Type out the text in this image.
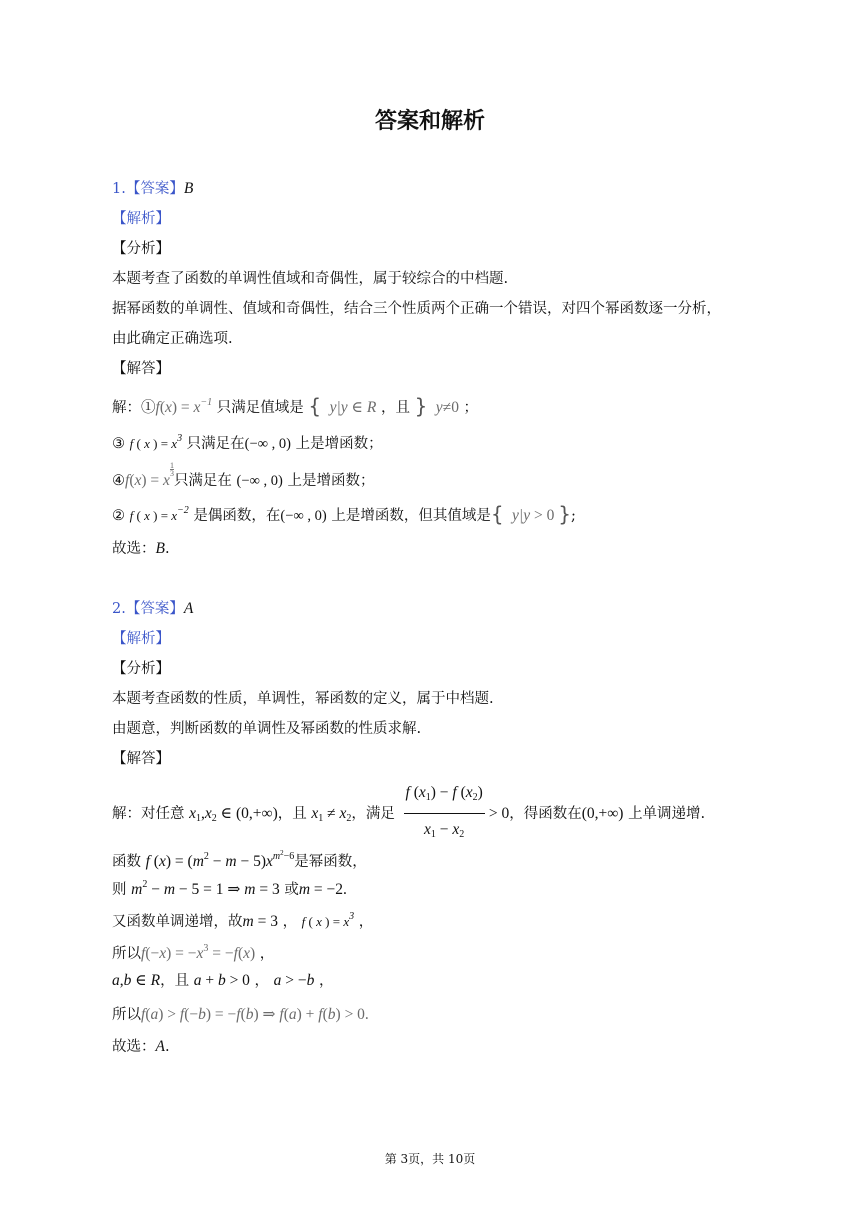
答案和解析
1.【答案】B
【解析】
【分析】
本题考查了函数的单调性值域和奇偶性，属于较综合的中档题.
据幂函数的单调性、值域和奇偶性，结合三个性质两个正确一个错误，对四个幂函数逐一分析，
由此确定正确选项.
【解答】
解：①f(x) = $x^{-1}$ 只满足值域是 {  y|y ∈ R ，且 }  y≠0 ；
③ f ( x ) = $x^3$ 只满足在(−∞ , 0) 上是增函数；
④f(x) = x
$\frac{1}{3}$
只满足在 (−∞ , 0) 上是增函数；
② f ( x ) = $x^{-2}$ 是偶函数，在(−∞ , 0) 上是增函数，但其值域是{  y|y > 0 };
故选：B.
2.【答案】A
【解析】
【分析】
本题考查函数的性质，单调性，幂函数的定义，属于中档题.
由题意，判断函数的单调性及幂函数的性质求解.
【解答】
解：对任意 $x_1,x_2$ ∈ (0,+∞)，且 $x_1 \ne x_2$，满足 $\frac{f (x_1) - f (x_2)}{x_1 - x_2} > 0$，得函数在(0,+∞) 上单调递增.
函数 f $(x) = (m^2 - m - 5)x^{m^2-6}$是幂函数，
则 $m^2 - m - 5 = 1$ ⇒ m = 3 或m = −2.
又函数单调递增，故m = 3 ， f ( x ) = $x^3$ ，
所以$f(-x) = -x^3 = -f(x)$ ，
a,b ∈ R，且 a + b > 0 ， a > −b ，
所以f(a) > f(−b) = −f(b) ⇒ f(a) + f(b) > 0.
故选：A.
第 3页，共 10页
